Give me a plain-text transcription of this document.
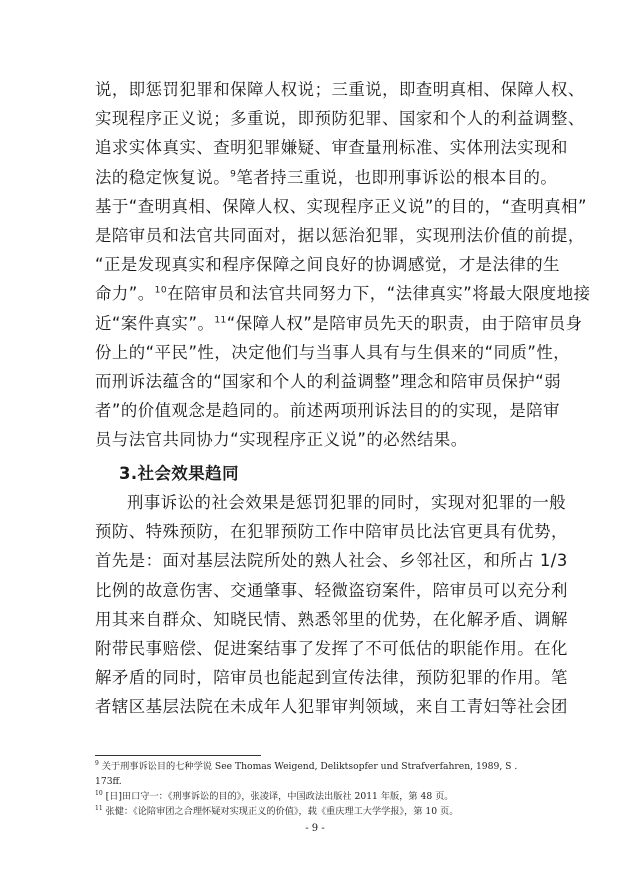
说，即惩罚犯罪和保障人权说；三重说，即查明真相、保障人权、
实现程序正义说；多重说，即预防犯罪、国家和个人的利益调整、
追求实体真实、查明犯罪嫌疑、审查量刑标准、实体刑法实现和
法的稳定恢复说。$^9$笔者持三重说，也即刑事诉讼的根本目的。
基于“查明真相、保障人权、实现程序正义说”的目的，“查明真相”
是陪审员和法官共同面对，据以惩治犯罪，实现刑法价值的前提，
“正是发现真实和程序保障之间良好的协调感觉，才是法律的生
命力”。$^{10}$在陪审员和法官共同努力下，“法律真实”将最大限度地接
近“案件真实”。$^{11}$“保障人权”是陪审员先天的职责，由于陪审员身
份上的“平民”性，决定他们与当事人具有与生俱来的“同质”性，
而刑诉法蕴含的“国家和个人的利益调整”理念和陪审员保护“弱
者”的价值观念是趋同的。前述两项刑诉法目的的实现，是陪审
员与法官共同协力“实现程序正义说”的必然结果。
3.社会效果趋同
刑事诉讼的社会效果是惩罚犯罪的同时，实现对犯罪的一般
预防、特殊预防，在犯罪预防工作中陪审员比法官更具有优势，
首先是：面对基层法院所处的熟人社会、乡邻社区，和所占 1/3
比例的故意伤害、交通肇事、轻微盗窃案件，陪审员可以充分利
用其来自群众、知晓民情、熟悉邻里的优势，在化解矛盾、调解
附带民事赔偿、促进案结事了发挥了不可低估的职能作用。在化
解矛盾的同时，陪审员也能起到宣传法律，预防犯罪的作用。笔
者辖区基层法院在未成年人犯罪审判领域，来自工青妇等社会团
$^9$ 关于刑事诉讼目的七种学说 See Thomas Weigend, Deliktsopfer und Strafverfahren, 1989, S .
173ff.
$^{10}$ [日]田口守一：《刑事诉讼的目的》，张凌译，中国政法出版社 2011 年版，第 48 页。
$^{11}$ 张健：《论陪审团之合理怀疑对实现正义的价值》，载《重庆理工大学学报》，第 10 页。
- 9 -
